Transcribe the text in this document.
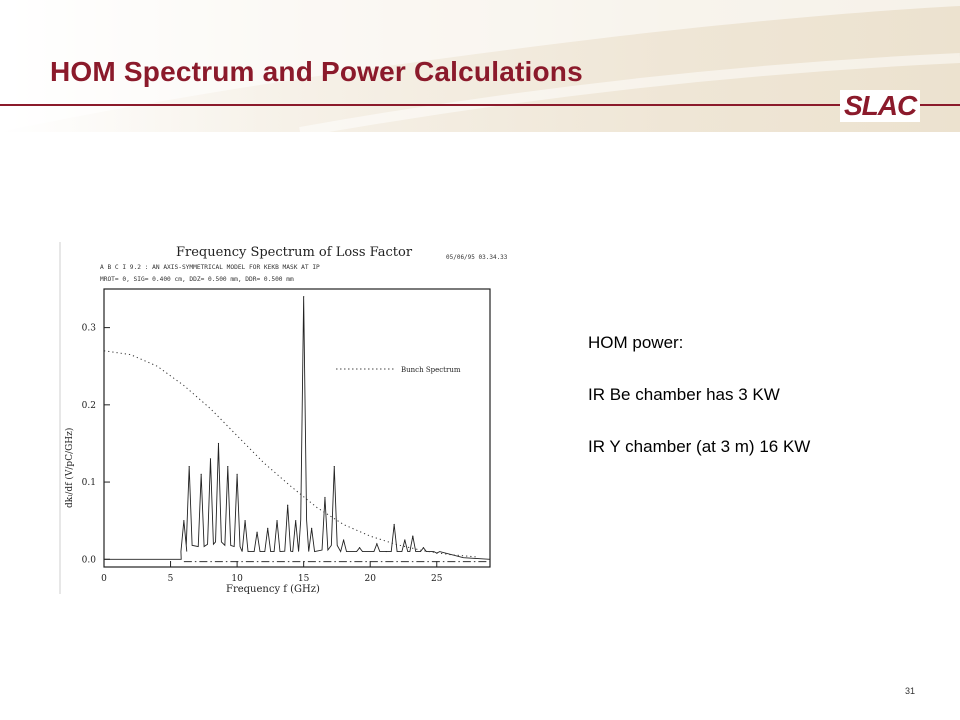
HOM Spectrum and Power Calculations
SLAC
Frequency Spectrum of Loss Factor	05/06/95 03.34.33
A B C I 9.2 : AN AXIS-SYMMETRICAL MODEL FOR KEKB MASK AT IP
MROT= 0, SIG= 0.400 cm, DDZ= 0.500 mm, DDR= 0.500 mm
0	5	10	15	20	25
0.0
0.1
0.2
0.3
Bunch Spectrum
Frequency f (GHz)
dkₗ/df (V/pC/GHz)
HOM power:
IR Be chamber has 3 KW
IR Y chamber (at 3 m) 16 KW
31
